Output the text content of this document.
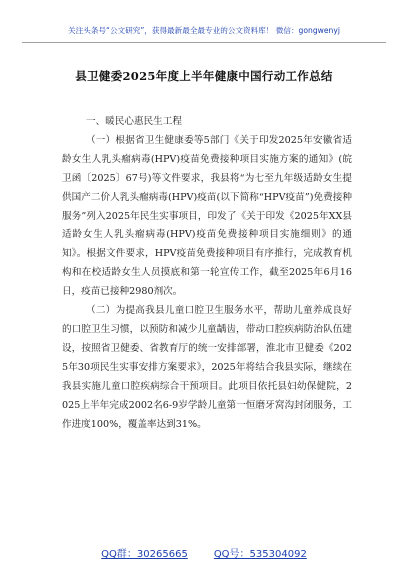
关注头条号“公文研究”，获得最新最全最专业的公文资料库！ 微信：gongwenyj
县卫健委2025年度上半年健康中国行动工作总结

一、暖民心惠民生工程

（一）根据省卫生健康委等5部门《关于印发2025年安徽省适龄女生人乳头瘤病毒(HPV)疫苗免费接种项目实施方案的通知》(皖卫函〔2025〕67号)等文件要求，我县将“为七至九年级适龄女生提供国产二价人乳头瘤病毒(HPV)疫苗(以下简称“HPV疫苗”)免费接种服务”列入2025年民生实事项目，印发了《关于印发《2025年XX县适龄女生人乳头瘤病毒(HPV)疫苗免费接种项目实施细则》的通知》。根据文件要求，HPV疫苗免费接种项目有序推行，完成教育机构和在校适龄女生人员摸底和第一轮宣传工作，截至2025年6月16日，疫苗已接种2980剂次。

（二）为提高我县儿童口腔卫生服务水平，帮助儿童养成良好的口腔卫生习惯，以预防和减少儿童龋齿，带动口腔疾病防治队伍建设，按照省卫健委、省教育厅的统一安排部署，淮北市卫健委《2025年30项民生实事安排方案要求》，2025年将结合我县实际，继续在我县实施儿童口腔疾病综合干预项目。此项目依托县妇幼保健院，2025上半年完成2002名6-9岁学龄儿童第一恒磨牙窝沟封闭服务，工作进度100%，覆盖率达到31%。

QQ群：30265665	QQ号：535304092
